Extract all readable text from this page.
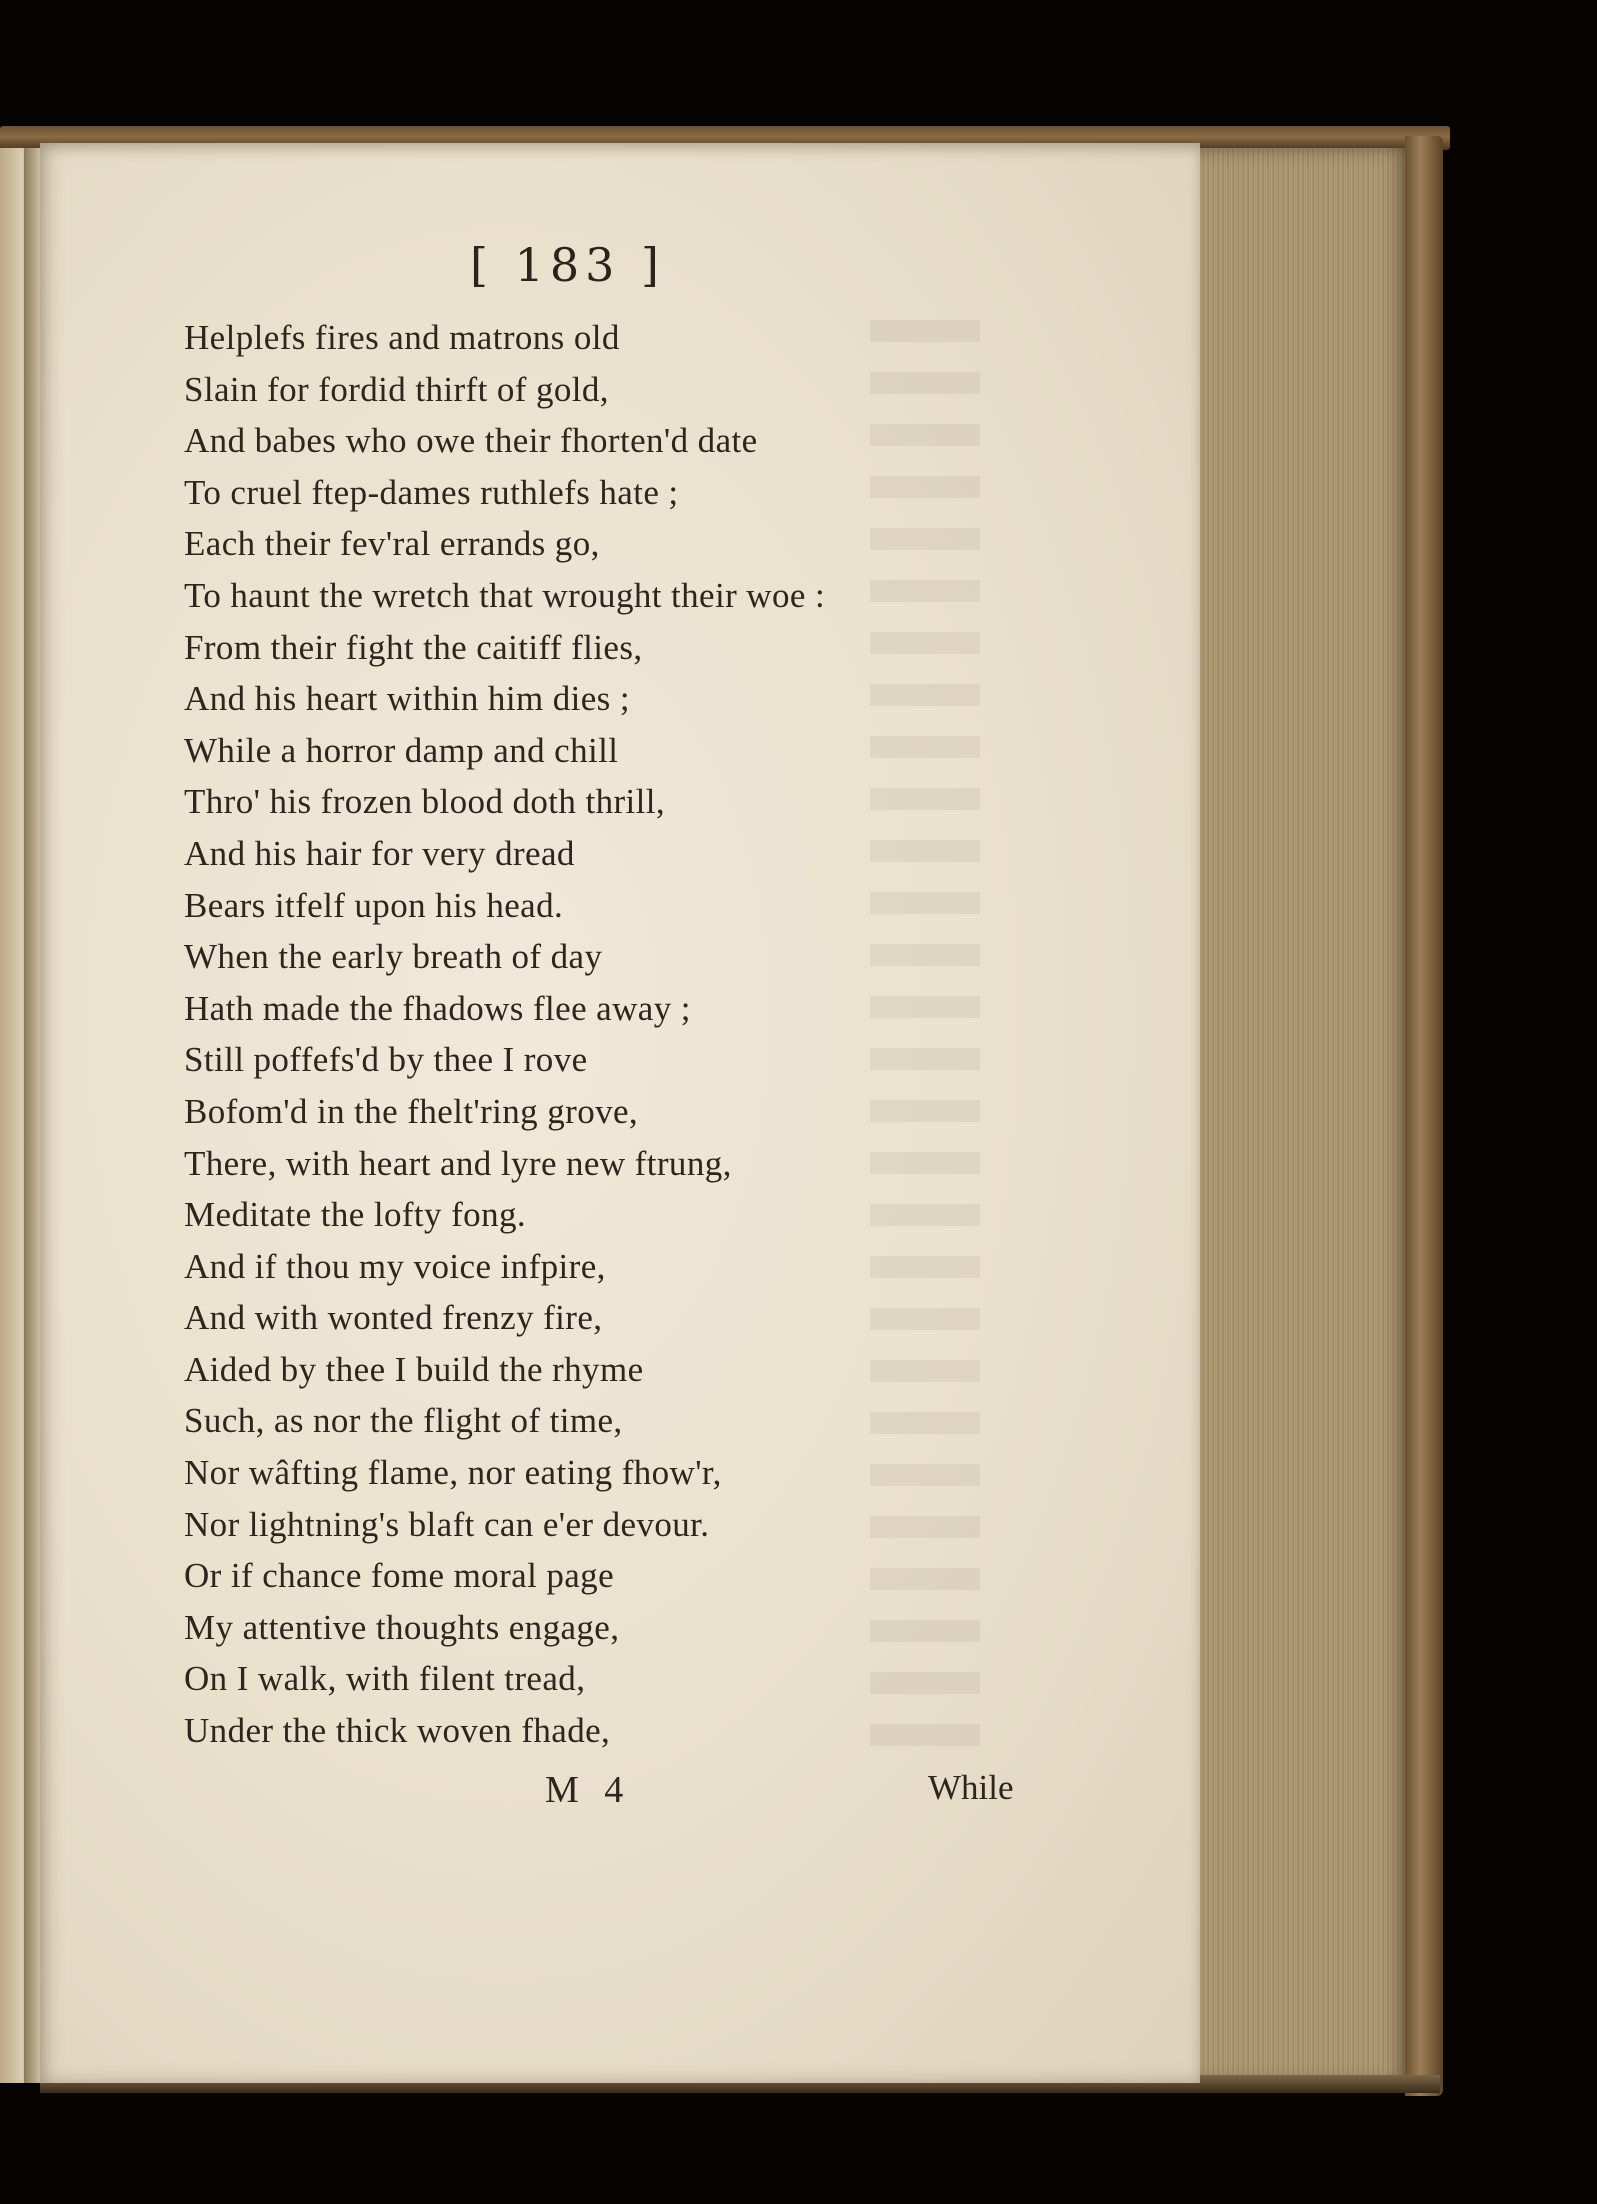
[ 183 ]
Helplefs fires and matrons old
Slain for fordid thirft of gold,
And babes who owe their fhorten'd date
To cruel ftep-dames ruthlefs hate ;
Each their fev'ral errands go,
To haunt the wretch that wrought their woe :
From their fight the caitiff flies,
And his heart within him dies ;
While a horror damp and chill
Thro' his frozen blood doth thrill,
And his hair for very dread
Bears itfelf upon his head.
When the early breath of day
Hath made the fhadows flee away ;
Still poffefs'd by thee I rove
Bofom'd in the fhelt'ring grove,
There, with heart and lyre new ftrung,
Meditate the lofty fong.
And if thou my voice infpire,
And with wonted frenzy fire,
Aided by thee I build the rhyme
Such, as nor the flight of time,
Nor wâfting flame, nor eating fhow'r,
Nor lightning's blaft can e'er devour.
Or if chance fome moral page
My attentive thoughts engage,
On I walk, with filent tread,
Under the thick woven fhade,
M 4	While
